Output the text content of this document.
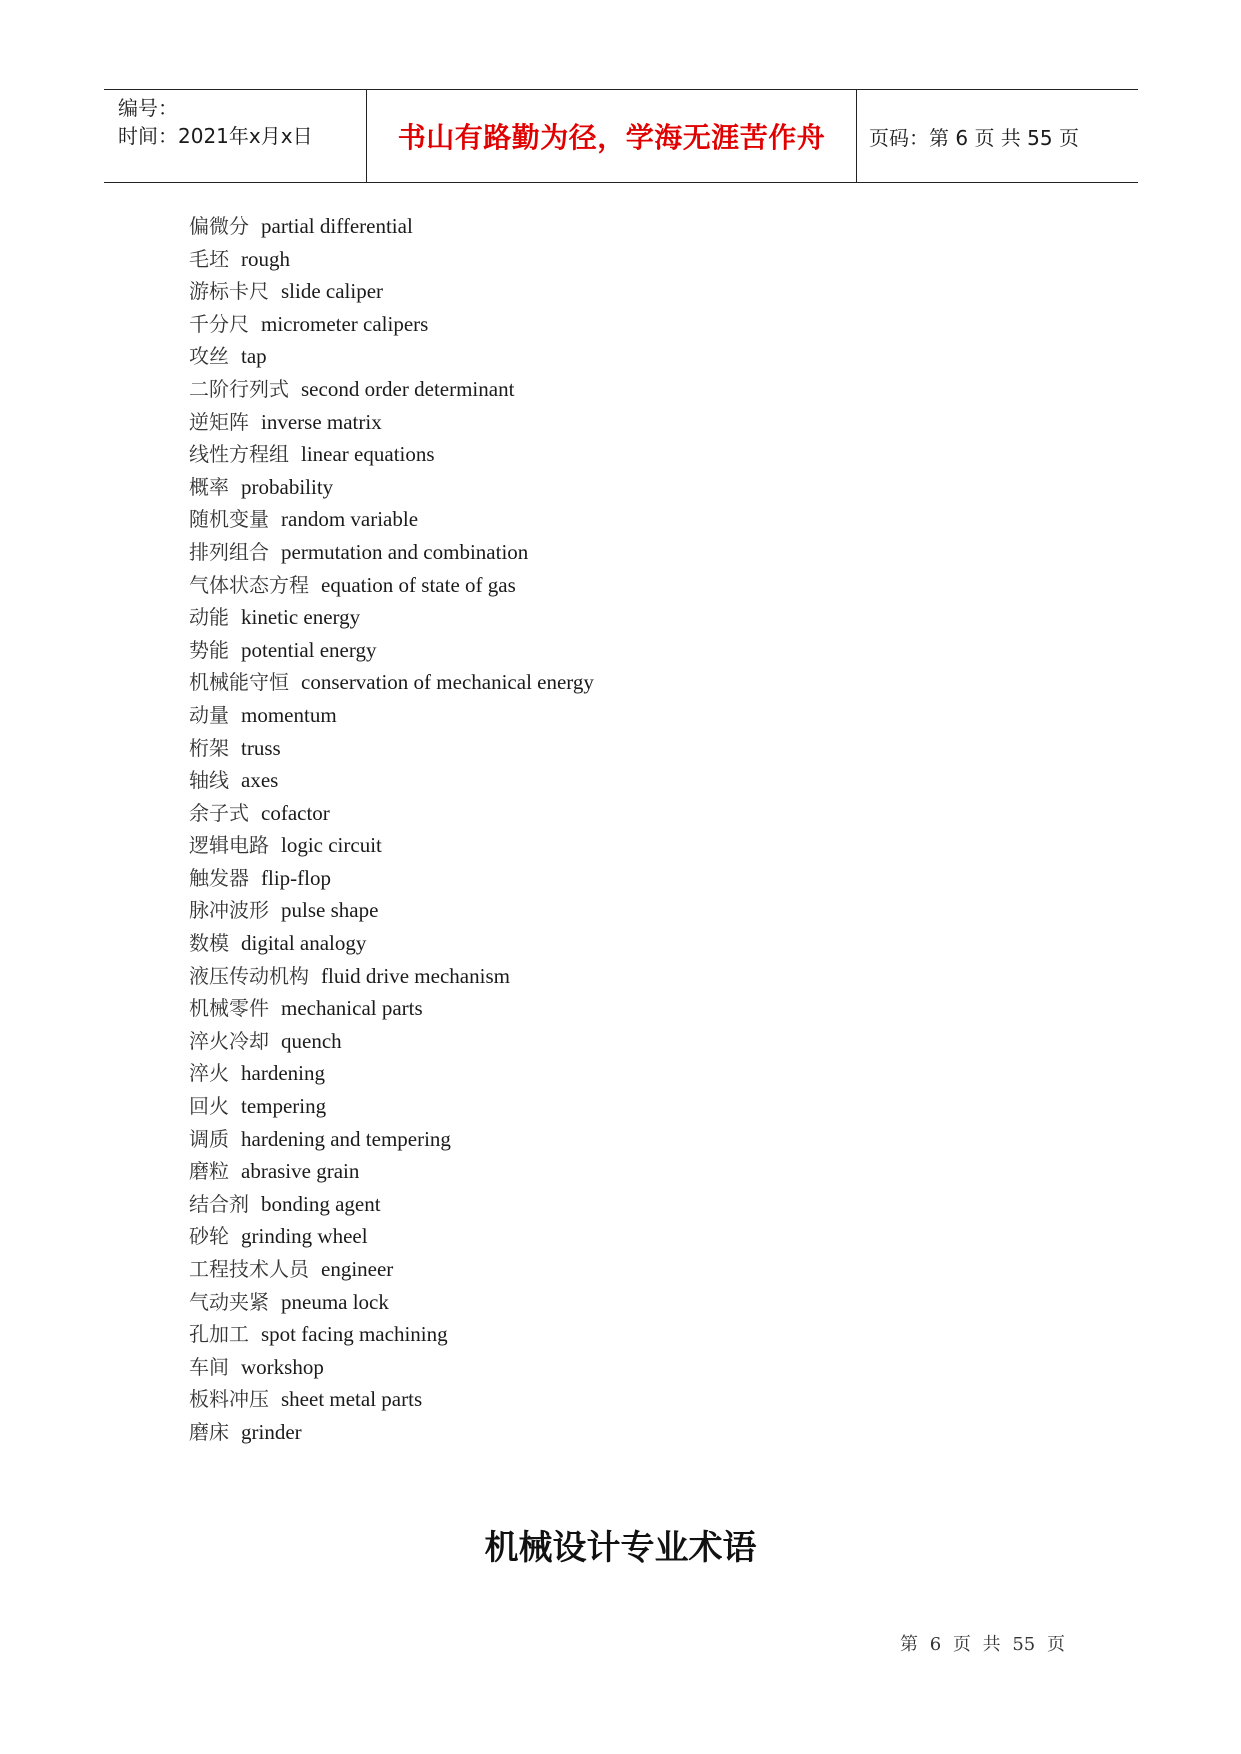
编号：
时间：2021年x月x日	书山有路勤为径，学海无涯苦作舟	页码：第 6 页 共 55 页
偏微分 partial differential
毛坯 rough
游标卡尺 slide caliper
千分尺 micrometer calipers
攻丝 tap
二阶行列式 second order determinant
逆矩阵 inverse matrix
线性方程组 linear equations
概率 probability
随机变量 random variable
排列组合 permutation and combination
气体状态方程 equation of state of gas
动能 kinetic energy
势能 potential energy
机械能守恒 conservation of mechanical energy
动量 momentum
桁架 truss
轴线 axes
余子式 cofactor
逻辑电路 logic circuit
触发器 flip-flop
脉冲波形 pulse shape
数模 digital analogy
液压传动机构 fluid drive mechanism
机械零件 mechanical parts
淬火冷却 quench
淬火 hardening
回火 tempering
调质 hardening and tempering
磨粒 abrasive grain
结合剂 bonding agent
砂轮 grinding wheel
工程技术人员 engineer
气动夹紧 pneuma lock
孔加工 spot facing machining
车间 workshop
板料冲压 sheet metal parts
磨床 grinder
机械设计专业术语
第 6 页 共 55 页
